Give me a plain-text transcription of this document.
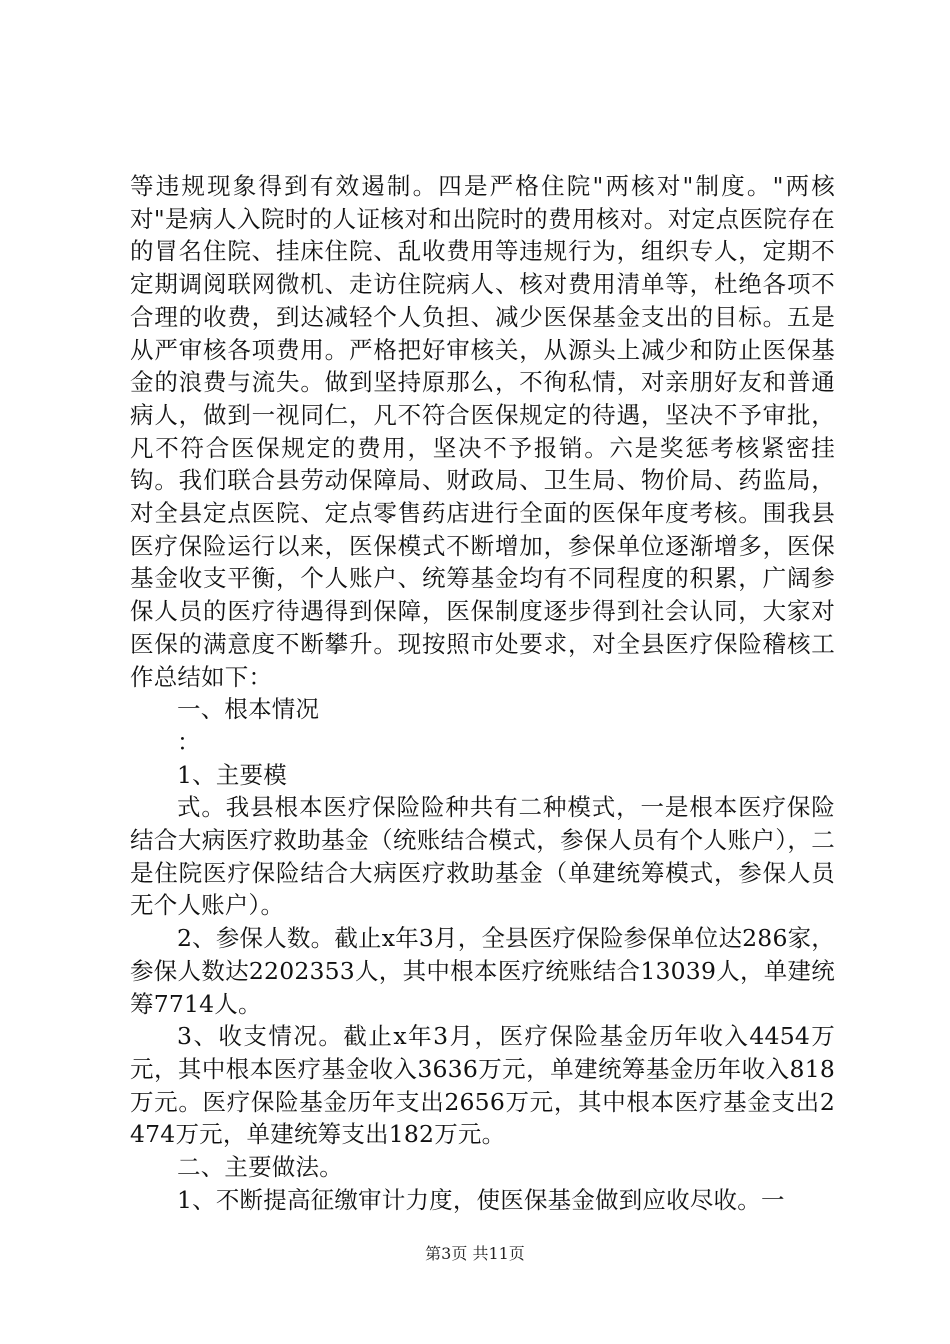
等违规现象得到有效遏制。四是严格住院"两核对"制度。"两核对"是病人入院时的人证核对和出院时的费用核对。对定点医院存在的冒名住院、挂床住院、乱收费用等违规行为，组织专人，定期不定期调阅联网微机、走访住院病人、核对费用清单等，杜绝各项不合理的收费，到达减轻个人负担、减少医保基金支出的目标。五是从严审核各项费用。严格把好审核关，从源头上减少和防止医保基金的浪费与流失。做到坚持原那么，不徇私情，对亲朋好友和普通病人，做到一视同仁，凡不符合医保规定的待遇，坚决不予审批，凡不符合医保规定的费用，坚决不予报销。六是奖惩考核紧密挂钩。我们联合县劳动保障局、财政局、卫生局、物价局、药监局，对全县定点医院、定点零售药店进行全面的医保年度考核。围我县医疗保险运行以来，医保模式不断增加，参保单位逐渐增多，医保基金收支平衡，个人账户、统筹基金均有不同程度的积累，广阔参保人员的医疗待遇得到保障，医保制度逐步得到社会认同，大家对医保的满意度不断攀升。现按照市处要求，对全县医疗保险稽核工作总结如下：

一、根本情况

：

1、主要模

式。我县根本医疗保险险种共有二种模式，一是根本医疗保险结合大病医疗救助基金（统账结合模式，参保人员有个人账户），二是住院医疗保险结合大病医疗救助基金（单建统筹模式，参保人员无个人账户）。

2、参保人数。截止x年3月，全县医疗保险参保单位达286家，参保人数达2202353人，其中根本医疗统账结合13039人，单建统筹7714人。

3、收支情况。截止x年3月，医疗保险基金历年收入4454万元，其中根本医疗基金收入3636万元，单建统筹基金历年收入818万元。医疗保险基金历年支出2656万元，其中根本医疗基金支出2474万元，单建统筹支出182万元。

二、主要做法。

1、不断提高征缴审计力度，使医保基金做到应收尽收。一

第3页 共11页
